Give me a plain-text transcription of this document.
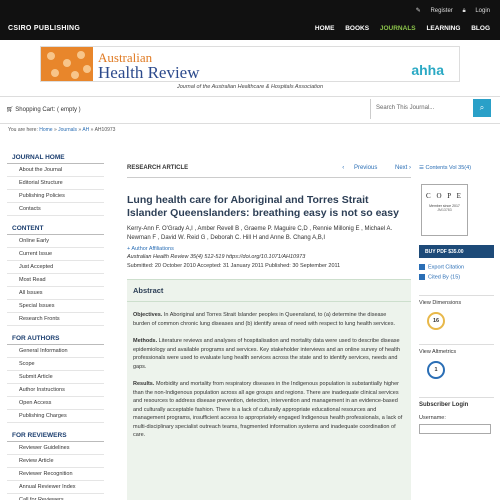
✎ Register 🔒︎ Login
CSIRO PUBLISHING	HOME BOOKS JOURNALS LEARNING BLOG
Australian
Health Review	ahha
Journal of the Australian Healthcare & Hospitals Association
🛒︎ Shopping Cart: ( empty )	Search This Journal...	⌕
You are here: Home » Journals » AH » AH10973
JOURNAL HOME
About the Journal
Editorial Structure
Publishing Policies
Contacts
CONTENT
Online Early
Current Issue
Just Accepted
Most Read
All Issues
Special Issues
Research Fronts
FOR AUTHORS
General Information
Scope
Submit Article
Author Instructions
Open Access
Publishing Charges
FOR REVIEWERS
Reviewer Guidelines
Review Article
Reviewer Recognition
Annual Reviewer Index
Call for Reviewers
RESEARCH ARTICLE	‹ Previous	Next ›
Lung health care for Aboriginal and Torres Strait Islander Queenslanders: breathing easy is not so easy
Kerry-Ann F. O'Grady A,I , Amber Revell B , Graeme P. Maguire C,D , Rennie Millonig E , Michael A. Newman F , David W. Reid G , Deborah C. Hill H and Anne B. Chang A,B,I
+ Author Affiliations
Australian Health Review 35(4) 512-519 https://doi.org/10.1071/AH10973
Submitted: 20 October 2010 Accepted: 31 January 2011 Published: 30 September 2011
Abstract
Objectives. In Aboriginal and Torres Strait Islander peoples in Queensland, to (a) determine the disease burden of common chronic lung diseases and (b) identify areas of need with respect to lung health services.
Methods. Literature reviews and analyses of hospitalisation and mortality data were used to describe disease epidemiology and available programs and services. Key stakeholder interviews and an online survey of health professionals were used to evaluate lung health services across the state and to identify services, needs and gaps.
Results. Morbidity and mortality from respiratory diseases in the Indigenous population is substantially higher than the non-Indigenous population across all age groups and regions. There are inadequate clinical services and resources to address disease prevention, detection, intervention and management in an evidence-based and culturally acceptable fashion. There is a lack of culturally appropriate educational resources and management programs, insufficient access to appropriately engaged Indigenous health professionals, a lack of multi-disciplinary specialist outreach teams, fragmented information systems and inadequate coordination of care.
☰ Contents Vol 35(4)
C O P E
Member since 2017
JM13783
BUY PDF $35.00
Export Citation
Cited By (15)
View Dimensions
16
View Altmetrics
1
Subscriber Login
Username:
